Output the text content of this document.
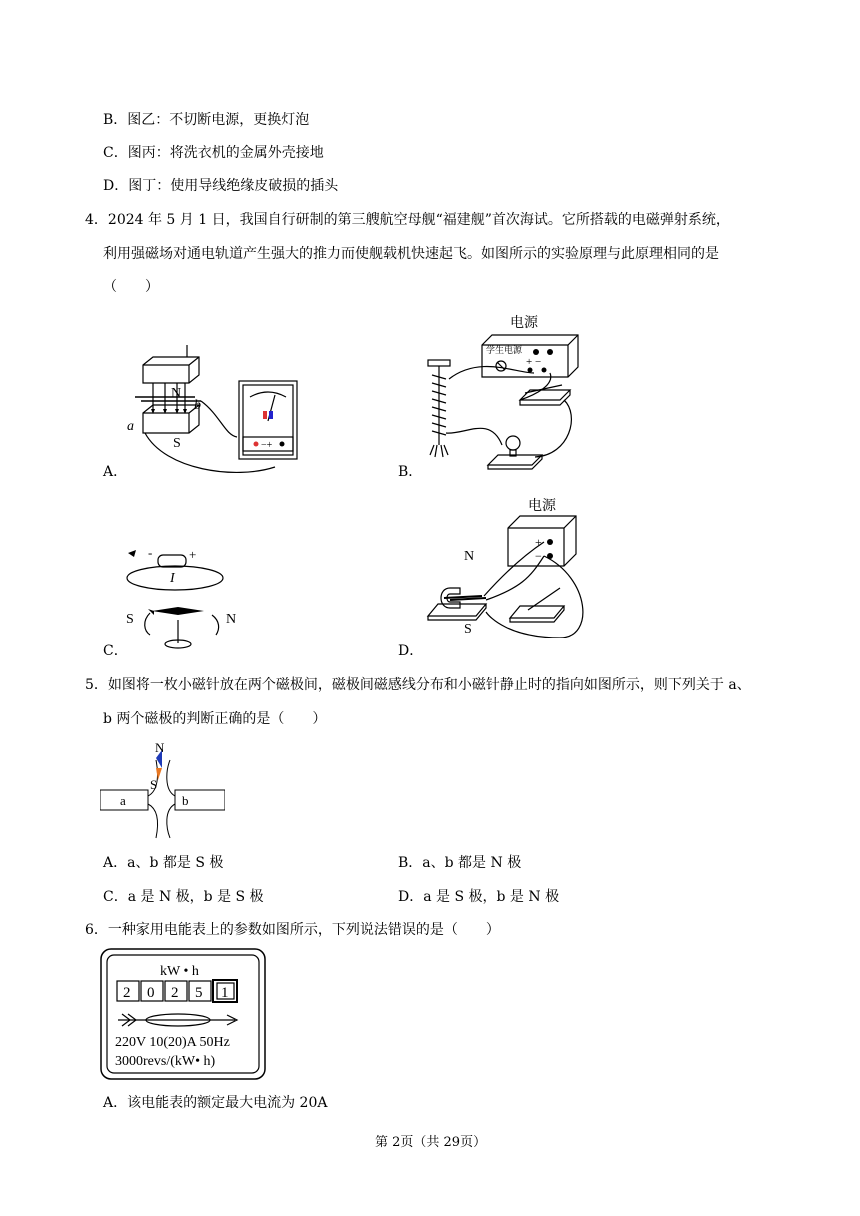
B．图乙：不切断电源，更换灯泡
C．图丙：将洗衣机的金属外壳接地
D．图丁：使用导线绝缘皮破损的插头
4．2024 年 5 月 1 日，我国自行研制的第三艘航空母舰“福建舰”首次海试。它所搭载的电磁弹射系统，
利用强磁场对通电轨道产生强大的推力而使舰载机快速起飞。如图所示的实验原理与此原理相同的是
（　　）
N
S
a
b
−+
A．
电源
学生电源
+ −
B．
-	+
I
S	N
C．
电源
+
−
N
S
D．
5．如图将一枚小磁针放在两个磁极间，磁极间磁感线分布和小磁针静止时的指向如图所示，则下列关于 a、
b 两个磁极的判断正确的是（　　）
N
S
a	b
A．a、b 都是 S 极	B．a、b 都是 N 极
C．a 是 N 极，b 是 S 极	D．a 是 S 极，b 是 N 极
6．一种家用电能表上的参数如图所示，下列说法错误的是（　　）
kW • h
2 0 2 5 1
220V 10(20)A 50Hz
3000revs/(kW• h)
A．该电能表的额定最大电流为 20A
第 2页（共 29页）
